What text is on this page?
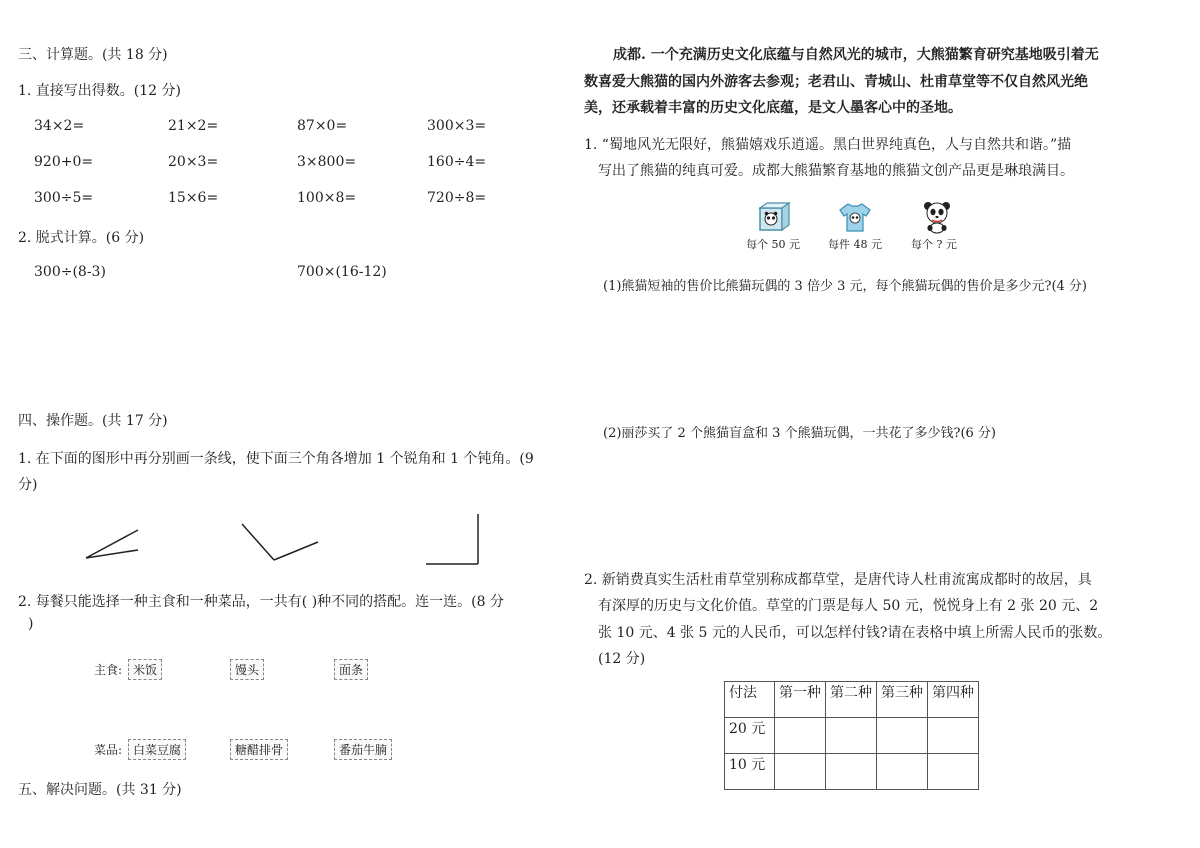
三、计算题。(共 18 分)
1. 直接写出得数。(12 分)
34×2=	21×2=	87×0=	300×3=
920+0=	20×3=	3×800=	160÷4=
300÷5=	15×6=	100×8=	720÷8=
2. 脱式计算。(6 分)
300÷(8-3)	700×(16-12)
四、操作题。(共 17 分)
1. 在下面的图形中再分别画一条线，使下面三个角各增加 1 个锐角和 1 个钝角。(9
分)
2. 每餐只能选择一种主食和一种菜品，一共有( )种不同的搭配。连一连。(8 分
)
主食: 米饭	馒头	面条
菜品: 白菜豆腐	糖醋排骨	番茄牛腩
五、解决问题。(共 31 分)
成都. 一个充满历史文化底蕴与自然风光的城市，大熊猫繁育研究基地吸引着无
数喜爱大熊猫的国内外游客去参观；老君山、青城山、杜甫草堂等不仅自然风光绝
美，还承载着丰富的历史文化底蕴，是文人墨客心中的圣地。
1. “蜀地风光无限好，熊猫嬉戏乐逍遥。黑白世界纯真色，人与自然共和谐。”描
写出了熊猫的纯真可爱。成都大熊猫繁育基地的熊猫文创产品更是琳琅满目。
每个 50 元	每件 48 元	每个 ? 元
(1)熊猫短袖的售价比熊猫玩偶的 3 倍少 3 元，每个熊猫玩偶的售价是多少元?(4 分)
(2)丽莎买了 2 个熊猫盲盒和 3 个熊猫玩偶，一共花了多少钱?(6 分)
2. 新销费真实生活杜甫草堂别称成都草堂，是唐代诗人杜甫流寓成都时的故居，具
有深厚的历史与文化价值。草堂的门票是每人 50 元，悦悦身上有 2 张 20 元、2
张 10 元、4 张 5 元的人民币，可以怎样付钱?请在表格中填上所需人民币的张数。
(12 分)
付法	第一种	第二种	第三种	第四种
20 元				
10 元				
